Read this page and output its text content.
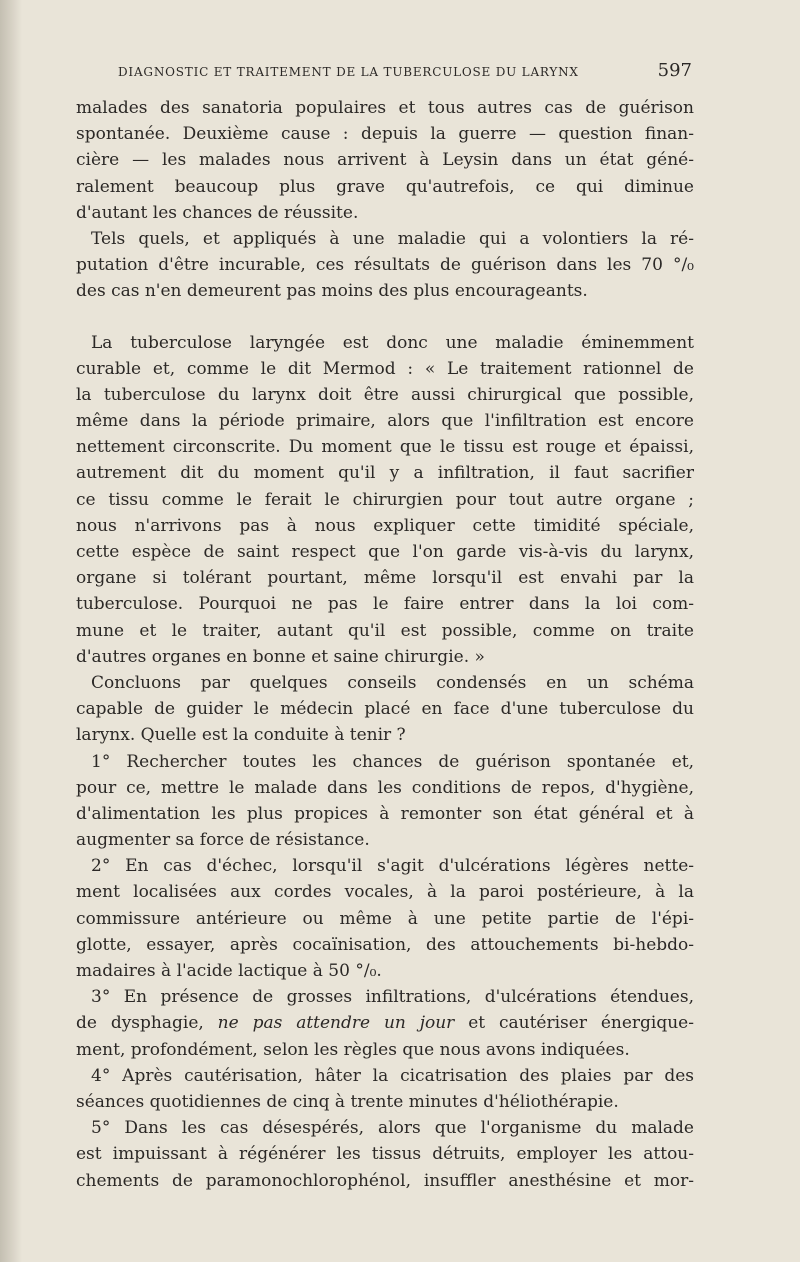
DIAGNOSTIC ET TRAITEMENT DE LA TUBERCULOSE DU LARYNX	597
malades des sanatoria populaires et tous autres cas de guérison
spontanée. Deuxième cause : depuis la guerre — question finan-
cière — les malades nous arrivent à Leysin dans un état géné-
ralement beaucoup plus grave qu'autrefois, ce qui diminue
d'autant les chances de réussite.
Tels quels, et appliqués à une maladie qui a volontiers la ré-
putation d'être incurable, ces résultats de guérison dans les 70 °/₀
des cas n'en demeurent pas moins des plus encourageants.
La tuberculose laryngée est donc une maladie éminemment
curable et, comme le dit Mermod : « Le traitement rationnel de
la tuberculose du larynx doit être aussi chirurgical que possible,
même dans la période primaire, alors que l'infiltration est encore
nettement circonscrite. Du moment que le tissu est rouge et épaissi,
autrement dit du moment qu'il y a infiltration, il faut sacrifier
ce tissu comme le ferait le chirurgien pour tout autre organe ;
nous n'arrivons pas à nous expliquer cette timidité spéciale,
cette espèce de saint respect que l'on garde vis-à-vis du larynx,
organe si tolérant pourtant, même lorsqu'il est envahi par la
tuberculose. Pourquoi ne pas le faire entrer dans la loi com-
mune et le traiter, autant qu'il est possible, comme on traite
d'autres organes en bonne et saine chirurgie. »
Concluons par quelques conseils condensés en un schéma
capable de guider le médecin placé en face d'une tuberculose du
larynx. Quelle est la conduite à tenir ?
1° Rechercher toutes les chances de guérison spontanée et,
pour ce, mettre le malade dans les conditions de repos, d'hygiène,
d'alimentation les plus propices à remonter son état général et à
augmenter sa force de résistance.
2° En cas d'échec, lorsqu'il s'agit d'ulcérations légères nette-
ment localisées aux cordes vocales, à la paroi postérieure, à la
commissure antérieure ou même à une petite partie de l'épi-
glotte, essayer, après cocaïnisation, des attouchements bi-hebdo-
madaires à l'acide lactique à 50 °/₀.
3° En présence de grosses infiltrations, d'ulcérations étendues,
de dysphagie, ne pas attendre un jour et cautériser énergique-
ment, profondément, selon les règles que nous avons indiquées.
4° Après cautérisation, hâter la cicatrisation des plaies par des
séances quotidiennes de cinq à trente minutes d'héliothérapie.
5° Dans les cas désespérés, alors que l'organisme du malade
est impuissant à régénérer les tissus détruits, employer les attou-
chements de paramonochlorophénol, insuffler anesthésine et mor-
